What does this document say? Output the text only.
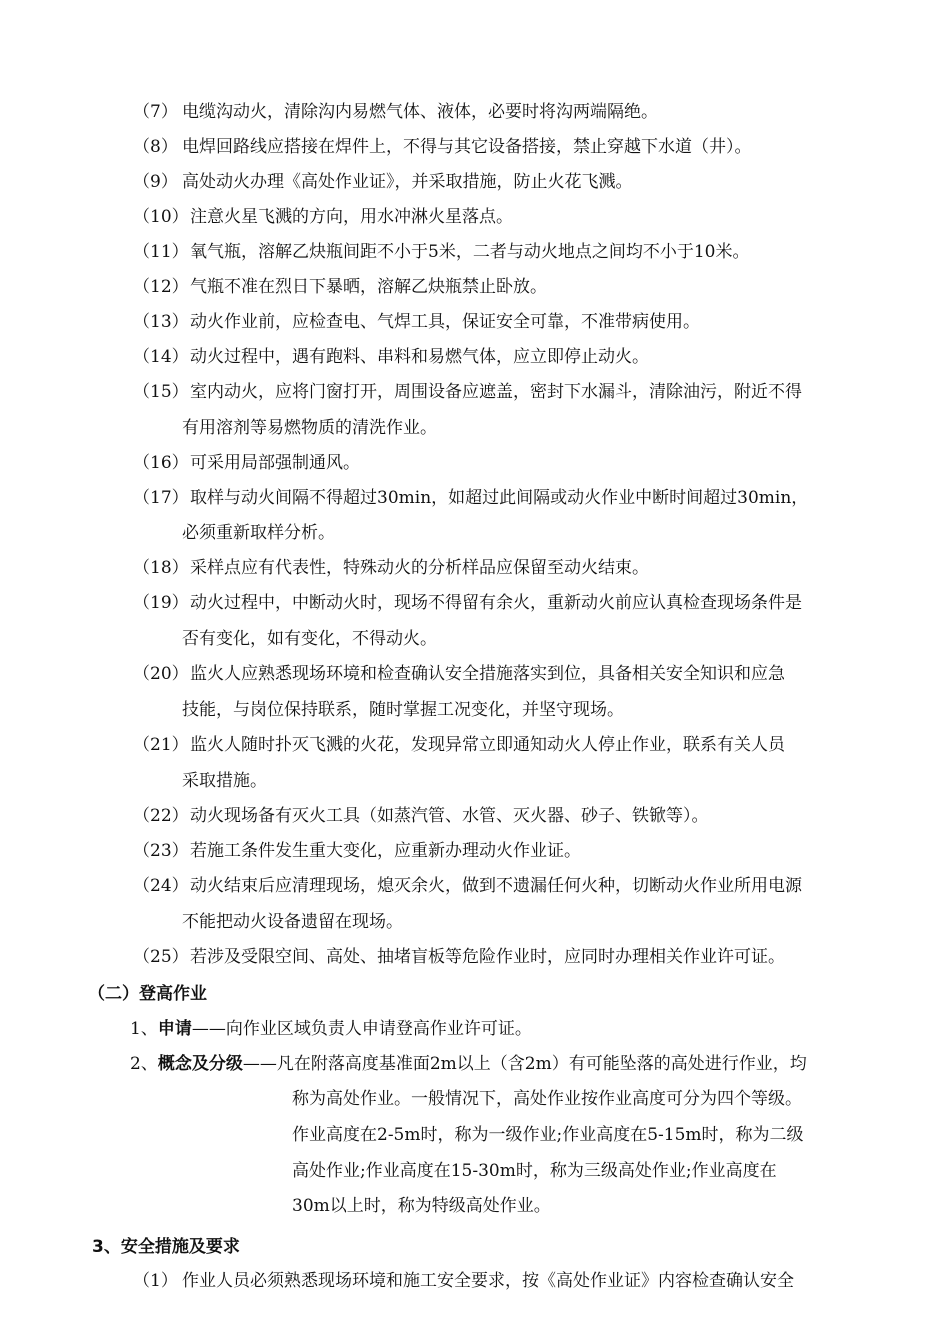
（7） 电缆沟动火，清除沟内易燃气体、液体，必要时将沟两端隔绝。
（8） 电焊回路线应搭接在焊件上，不得与其它设备搭接，禁止穿越下水道（井）。
（9） 高处动火办理《高处作业证》，并采取措施，防止火花飞溅。
（10） 注意火星飞溅的方向，用水冲淋火星落点。
（11） 氧气瓶，溶解乙炔瓶间距不小于5米，二者与动火地点之间均不小于10米。
（12） 气瓶不准在烈日下暴晒，溶解乙炔瓶禁止卧放。
（13） 动火作业前，应检查电、气焊工具，保证安全可靠，不准带病使用。
（14） 动火过程中，遇有跑料、串料和易燃气体，应立即停止动火。
（15） 室内动火，应将门窗打开，周围设备应遮盖，密封下水漏斗，清除油污，附近不得
有用溶剂等易燃物质的清洗作业。
（16） 可采用局部强制通风。
（17） 取样与动火间隔不得超过30min，如超过此间隔或动火作业中断时间超过30min，
必须重新取样分析。
（18） 采样点应有代表性，特殊动火的分析样品应保留至动火结束。
（19） 动火过程中，中断动火时，现场不得留有余火，重新动火前应认真检查现场条件是
否有变化，如有变化，不得动火。
（20） 监火人应熟悉现场环境和检查确认安全措施落实到位，具备相关安全知识和应急
技能，与岗位保持联系，随时掌握工况变化，并坚守现场。
（21） 监火人随时扑灭飞溅的火花，发现异常立即通知动火人停止作业，联系有关人员
采取措施。
（22） 动火现场备有灭火工具（如蒸汽管、水管、灭火器、砂子、铁锨等）。
（23） 若施工条件发生重大变化，应重新办理动火作业证。
（24） 动火结束后应清理现场，熄灭余火，做到不遗漏任何火种，切断动火作业所用电源
不能把动火设备遗留在现场。
（25） 若涉及受限空间、高处、抽堵盲板等危险作业时，应同时办理相关作业许可证。
（二）登高作业
1、申请——向作业区域负责人申请登高作业许可证。
2、概念及分级——凡在附落高度基准面2m以上（含2m）有可能坠落的高处进行作业，均
称为高处作业。一般情况下，高处作业按作业高度可分为四个等级。
作业高度在2-5m时，称为一级作业;作业高度在5-15m时，称为二级
高处作业;作业高度在15-30m时，称为三级高处作业;作业高度在
30m以上时，称为特级高处作业。
3、安全措施及要求
（1） 作业人员必须熟悉现场环境和施工安全要求，按《高处作业证》内容检查确认安全
